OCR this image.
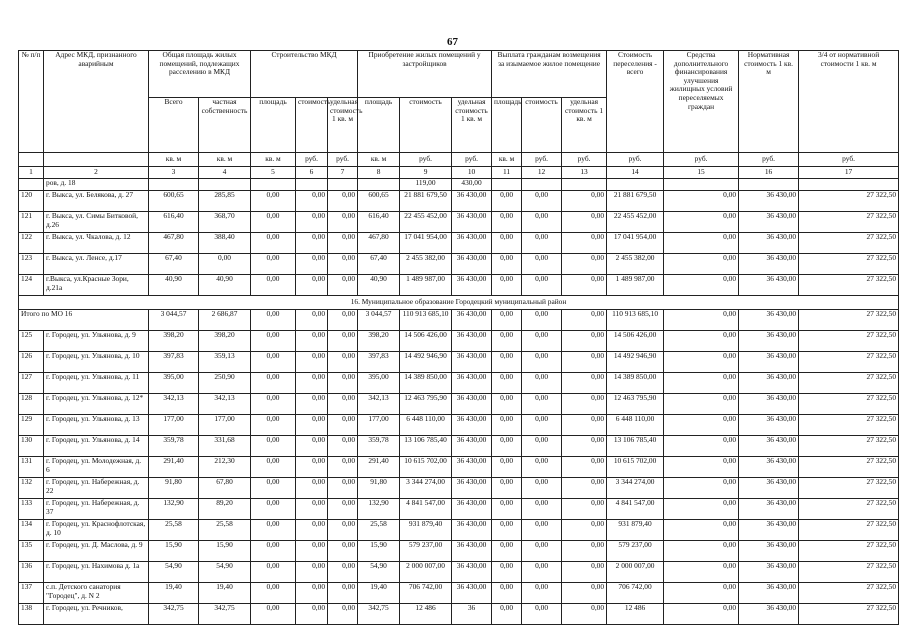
67
№ п/п	Адрес МКД, признанного аварийным	Общая площадь жилых помещений, подлежащих расселению в МКД		Строительство МКД			Приобретение жилых помещений у застройщиков			Выплата гражданам возмещения за изымаемое жилое помещение			Стоимость переселения - всего	Средства дополнительного финансирования улучшения жилищных условий переселяемых граждан	Нормативная стоимость 1 кв. м	3/4 от нормативной стоимости 1 кв. м
		Всего	частная собственность	площадь	стоимость	удельная стоимость 1 кв. м	площадь	стоимость	удельная стоимость 1 кв. м	площадь	стоимость	удельная стоимость 1 кв. м				
		кв. м	кв. м	кв. м	руб.	руб.	кв. м	руб.	руб.	кв. м	руб.	руб.	руб.	руб.	руб.	руб.
1	2	3	4	5	6	7	8	9	10	11	12	13	14	15	16	17
	ров, д. 18							119,00	430,00							
120	г. Выкса, ул. Белякова, д. 27	600,65	285,85	0,00	0,00	0,00	600,65	21 881 679,50	36 430,00	0,00	0,00	0,00	21 881 679,50	0,00	36 430,00	27 322,50
121	г. Выкса, ул. Симы Битковой, д.26	616,40	368,70	0,00	0,00	0,00	616,40	22 455 452,00	36 430,00	0,00	0,00	0,00	22 455 452,00	0,00	36 430,00	27 322,50
122	г. Выкса, ул. Чкалова, д. 12	467,80	388,40	0,00	0,00	0,00	467,80	17 041 954,00	36 430,00	0,00	0,00	0,00	17 041 954,00	0,00	36 430,00	27 322,50
123	г. Выкса, ул. Ленсе, д.17	67,40	0,00	0,00	0,00	0,00	67,40	2 455 382,00	36 430,00	0,00	0,00	0,00	2 455 382,00	0,00	36 430,00	27 322,50
124	г.Выкса, ул.Красные Зори, д.21а	40,90	40,90	0,00	0,00	0,00	40,90	1 489 987,00	36 430,00	0,00	0,00	0,00	1 489 987,00	0,00	36 430,00	27 322,50
16. Муниципальное образование Городецкий муниципальный район																
Итого по МО 16		3 044,57	2 686,87	0,00	0,00	0,00	3 044,57	110 913 685,10	36 430,00	0,00	0,00	0,00	110 913 685,10	0,00	36 430,00	27 322,50
125	г. Городец, ул. Ульянова, д. 9	398,20	398,20	0,00	0,00	0,00	398,20	14 506 426,00	36 430,00	0,00	0,00	0,00	14 506 426,00	0,00	36 430,00	27 322,50
126	г. Городец, ул. Ульянова, д. 10	397,83	359,13	0,00	0,00	0,00	397,83	14 492 946,90	36 430,00	0,00	0,00	0,00	14 492 946,90	0,00	36 430,00	27 322,50
127	г. Городец, ул. Ульянова, д. 11	395,00	250,90	0,00	0,00	0,00	395,00	14 389 850,00	36 430,00	0,00	0,00	0,00	14 389 850,00	0,00	36 430,00	27 322,50
128	г. Городец, ул. Ульянова, д. 12*	342,13	342,13	0,00	0,00	0,00	342,13	12 463 795,90	36 430,00	0,00	0,00	0,00	12 463 795,90	0,00	36 430,00	27 322,50
129	г. Городец, ул. Ульянова, д. 13	177,00	177,00	0,00	0,00	0,00	177,00	6 448 110,00	36 430,00	0,00	0,00	0,00	6 448 110,00	0,00	36 430,00	27 322,50
130	г. Городец, ул. Ульянова, д. 14	359,78	331,68	0,00	0,00	0,00	359,78	13 106 785,40	36 430,00	0,00	0,00	0,00	13 106 785,40	0,00	36 430,00	27 322,50
131	г. Городец, ул. Молодежная, д. 6	291,40	212,30	0,00	0,00	0,00	291,40	10 615 702,00	36 430,00	0,00	0,00	0,00	10 615 702,00	0,00	36 430,00	27 322,50
132	г. Городец, ул. Набережная, д. 22	91,80	67,80	0,00	0,00	0,00	91,80	3 344 274,00	36 430,00	0,00	0,00	0,00	3 344 274,00	0,00	36 430,00	27 322,50
133	г. Городец, ул. Набережная, д. 37	132,90	89,20	0,00	0,00	0,00	132,90	4 841 547,00	36 430,00	0,00	0,00	0,00	4 841 547,00	0,00	36 430,00	27 322,50
134	г. Городец, ул. Краснофлотская, д. 10	25,58	25,58	0,00	0,00	0,00	25,58	931 879,40	36 430,00	0,00	0,00	0,00	931 879,40	0,00	36 430,00	27 322,50
135	г. Городец, ул. Д. Маслова, д. 9	15,90	15,90	0,00	0,00	0,00	15,90	579 237,00	36 430,00	0,00	0,00	0,00	579 237,00	0,00	36 430,00	27 322,50
136	г. Городец, ул. Нахимова д. 1а	54,90	54,90	0,00	0,00	0,00	54,90	2 000 007,00	36 430,00	0,00	0,00	0,00	2 000 007,00	0,00	36 430,00	27 322,50
137	с.п. Детского санатория "Городец", д. N 2	19,40	19,40	0,00	0,00	0,00	19,40	706 742,00	36 430,00	0,00	0,00	0,00	706 742,00	0,00	36 430,00	27 322,50
138	г. Городец, ул. Речников,	342,75	342,75	0,00	0,00	0,00	342,75	12 486	36	0,00	0,00	0,00	12 486	0,00	36 430,00	27 322,50
